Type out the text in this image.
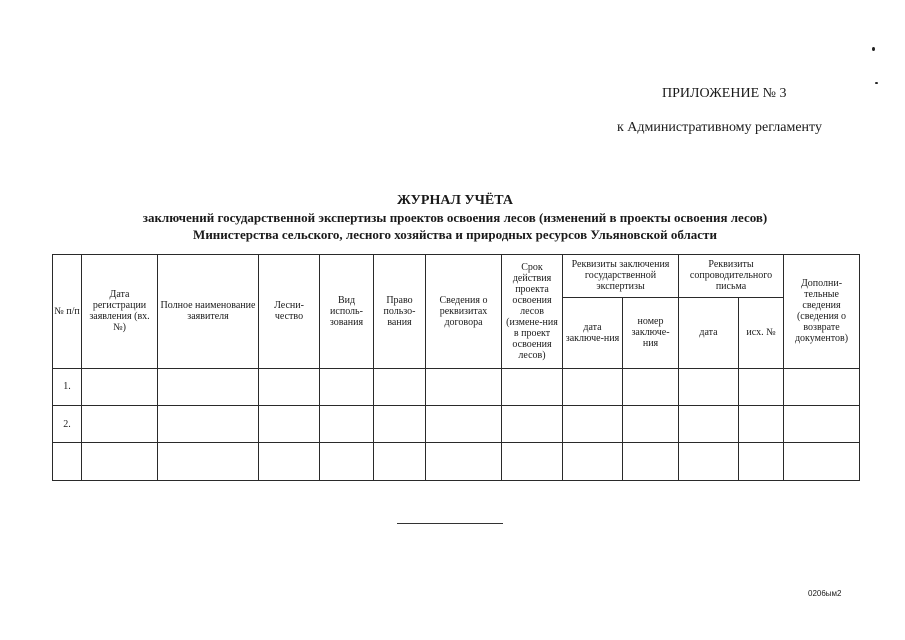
ПРИЛОЖЕНИЕ № 3
к Административному регламенту
ЖУРНАЛ УЧЁТА
заключений государственной экспертизы проектов освоения лесов (изменений в проекты освоения лесов)
Министерства сельского, лесного хозяйства и природных ресурсов Ульяновской области
№ п/п	Дата регистрации заявления (вх. №)	Полное наименование заявителя	Лесни-чество	Вид исполь-зования	Право пользо-вания	Сведения о реквизитах договора	Срок действия проекта освоения лесов (измене-ния в проект освоения лесов)	Реквизиты заключения государственной экспертизы		Реквизиты сопроводительного письма		Дополни-тельные сведения (сведения о возврате документов)
								дата заключе-ния	номер заключе-ния	дата	исх. №	
1.												
2.												

0206ым2
